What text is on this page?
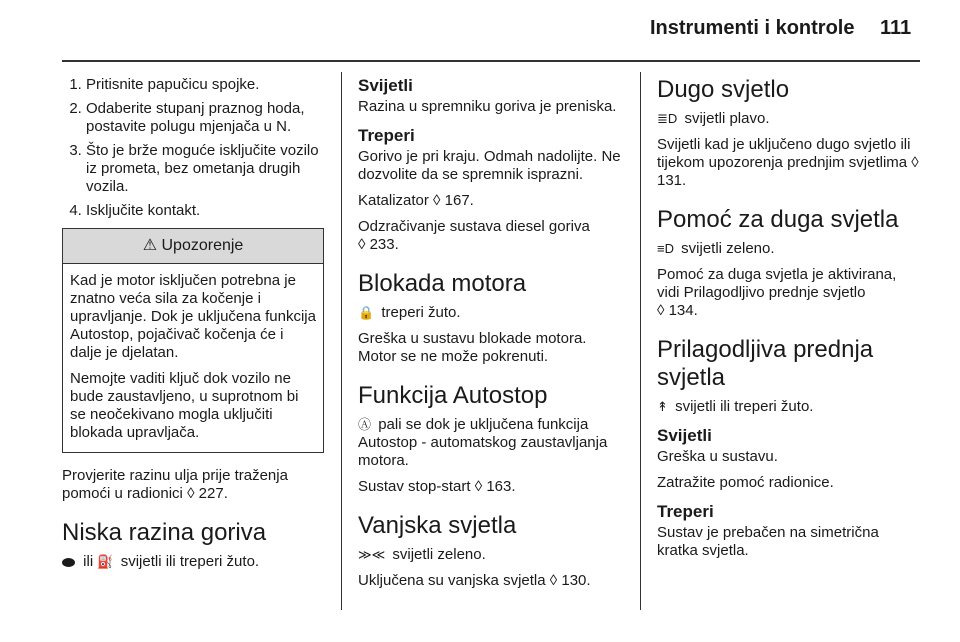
Instrumenti i kontrole 111
1. Pritisnite papučicu spojke.
2. Odaberite stupanj praznog hoda, postavite polugu mjenjača u N.
3. Što je brže moguće isključite vozilo iz prometa, bez ometanja drugih vozila.
4. Isključite kontakt.
⚠ Upozorenje

Kad je motor isključen potrebna je znatno veća sila za kočenje i upravljanje. Dok je uključena funkcija Autostop, pojačivač kočenja će i dalje je djelatan.

Nemojte vaditi ključ dok vozilo ne bude zaustavljeno, u suprotnom bi se neočekivano mogla uključiti blokada upravljača.

Provjerite razinu ulja prije traženja pomoći u radionici ◊ 227.

Niska razina goriva

ili ⛽ svijetli ili treperi žuto.

Svijetli

Razina u spremniku goriva je preniska.

Treperi

Gorivo je pri kraju. Odmah nadolijte. Ne dozvolite da se spremnik isprazni.

Katalizator ◊ 167.

Odzračivanje sustava diesel goriva
◊ 233.

Blokada motora

🔒 treperi žuto.

Greška u sustavu blokade motora. Motor se ne može pokrenuti.

Funkcija Autostop

Ⓐ pali se dok je uključena funkcija Autostop - automatskog zaustavljanja motora.

Sustav stop-start ◊ 163.

Vanjska svjetla

≫≪ svijetli zeleno.

Uključena su vanjska svjetla ◊ 130.

Dugo svjetlo

≣D svijetli plavo.

Svijetli kad je uključeno dugo svjetlo ili tijekom upozorenja prednjim svjetlima ◊ 131.

Pomoć za duga svjetla

≡D svijetli zeleno.

Pomoć za duga svjetla je aktivirana, vidi Prilagodljivo prednje svjetlo
◊ 134.

Prilagodljiva prednja svjetla

↟ svijetli ili treperi žuto.

Svijetli

Greška u sustavu.

Zatražite pomoć radionice.

Treperi

Sustav je prebačen na simetrična kratka svjetla.
